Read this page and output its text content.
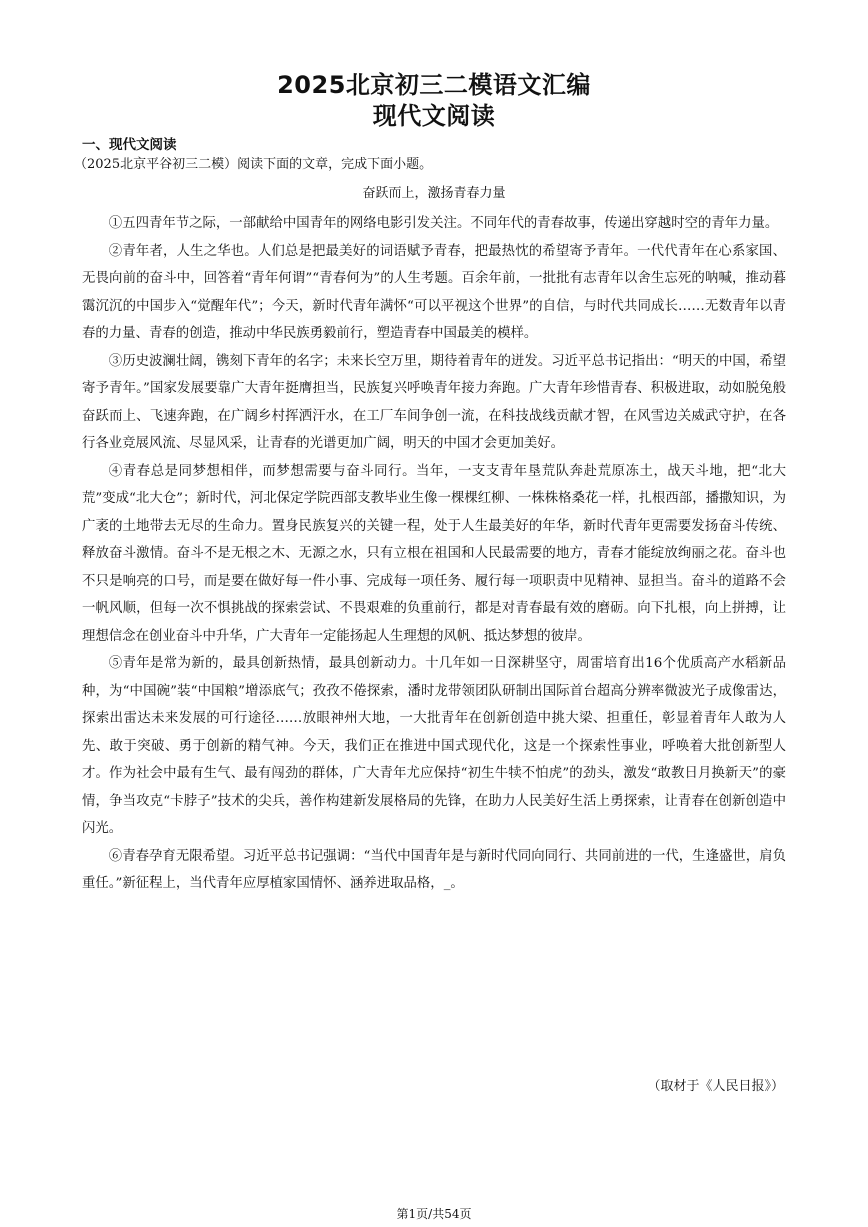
2025北京初三二模语文汇编
现代文阅读
一、现代文阅读
（2025北京平谷初三二模）阅读下面的文章，完成下面小题。
奋跃而上，激扬青春力量

①五四青年节之际，一部献给中国青年的网络电影引发关注。不同年代的青春故事，传递出穿越时空的青年力量。

②青年者，人生之华也。人们总是把最美好的词语赋予青春，把最热忱的希望寄予青年。一代代青年在心系家国、无畏向前的奋斗中，回答着“青年何谓”“青春何为”的人生考题。百余年前，一批批有志青年以舍生忘死的呐喊，推动暮霭沉沉的中国步入“觉醒年代”；今天，新时代青年满怀“可以平视这个世界”的自信，与时代共同成长……无数青年以青春的力量、青春的创造，推动中华民族勇毅前行，塑造青春中国最美的模样。

③历史波澜壮阔，镌刻下青年的名字；未来长空万里，期待着青年的迸发。习近平总书记指出：“明天的中国，希望寄予青年。”国家发展要靠广大青年挺膺担当，民族复兴呼唤青年接力奔跑。广大青年珍惜青春、积极进取，动如脱兔般奋跃而上、飞速奔跑，在广阔乡村挥洒汗水，在工厂车间争创一流，在科技战线贡献才智，在风雪边关威武守护，在各行各业竞展风流、尽显风采，让青春的光谱更加广阔，明天的中国才会更加美好。

④青春总是同梦想相伴，而梦想需要与奋斗同行。当年，一支支青年垦荒队奔赴荒原冻土，战天斗地，把“北大荒”变成“北大仓”；新时代，河北保定学院西部支教毕业生像一棵棵红柳、一株株格桑花一样，扎根西部，播撒知识，为广袤的土地带去无尽的生命力。置身民族复兴的关键一程，处于人生最美好的年华，新时代青年更需要发扬奋斗传统、释放奋斗激情。奋斗不是无根之木、无源之水，只有立根在祖国和人民最需要的地方，青春才能绽放绚丽之花。奋斗也不只是响亮的口号，而是要在做好每一件小事、完成每一项任务、履行每一项职责中见精神、显担当。奋斗的道路不会一帆风顺，但每一次不惧挑战的探索尝试、不畏艰难的负重前行，都是对青春最有效的磨砺。向下扎根，向上拼搏，让理想信念在创业奋斗中升华，广大青年一定能扬起人生理想的风帆、抵达梦想的彼岸。

⑤青年是常为新的，最具创新热情，最具创新动力。十几年如一日深耕坚守，周雷培育出16个优质高产水稻新品种，为“中国碗”装“中国粮”增添底气；孜孜不倦探索，潘时龙带领团队研制出国际首台超高分辨率微波光子成像雷达，探索出雷达未来发展的可行途径……放眼神州大地，一大批青年在创新创造中挑大梁、担重任，彰显着青年人敢为人先、敢于突破、勇于创新的精气神。今天，我们正在推进中国式现代化，这是一个探索性事业，呼唤着大批创新型人才。作为社会中最有生气、最有闯劲的群体，广大青年尤应保持“初生牛犊不怕虎”的劲头，激发“敢教日月换新天”的豪情，争当攻克“卡脖子”技术的尖兵，善作构建新发展格局的先锋，在助力人民美好生活上勇探索，让青春在创新创造中闪光。

⑥青春孕育无限希望。习近平总书记强调：“当代中国青年是与新时代同向同行、共同前进的一代，生逢盛世，肩负重任。”新征程上，当代青年应厚植家国情怀、涵养进取品格，_。

（取材于《人民日报》）
第1页/共54页
